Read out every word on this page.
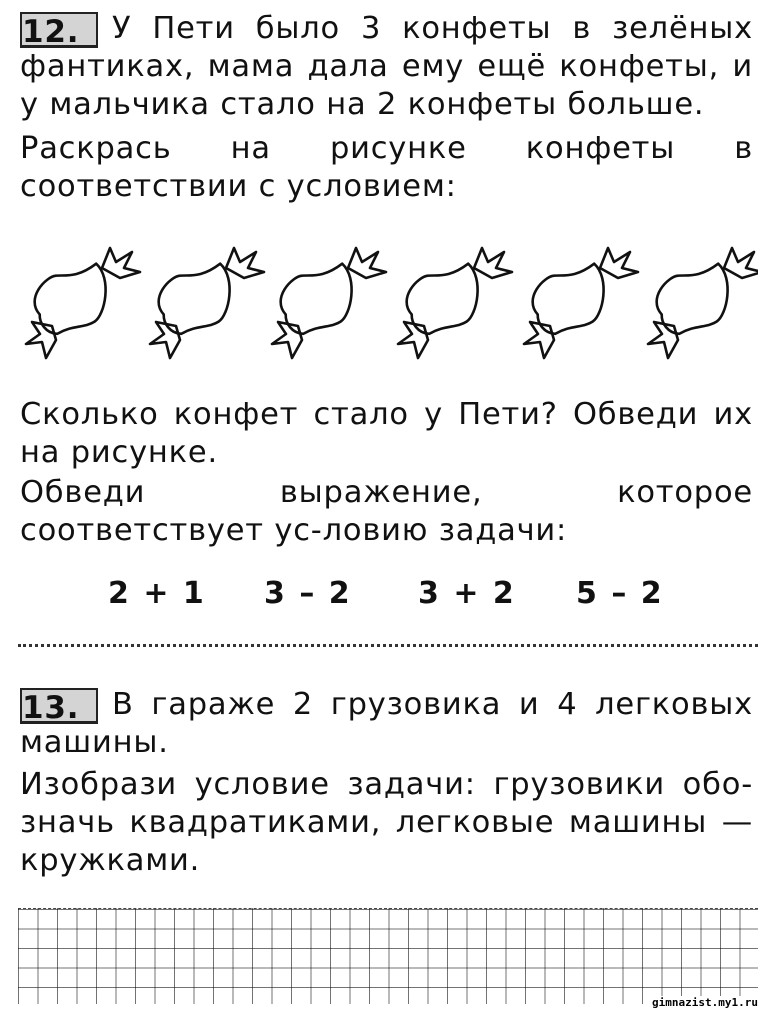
12. У Пети было 3 конфеты в зелёных фантиках, мама дала ему ещё конфеты, и у мальчика стало на 2 конфеты больше.
Раскрась на рисунке конфеты в соответствии с условием:
Сколько конфет стало у Пети? Обведи их на рисунке.
Обведи выражение, которое соответствует ус-ловию задачи:
2 + 1 3 – 2 3 + 2 5 – 2
13. В гараже 2 грузовика и 4 легковых машины.
Изобрази условие задачи: грузовики обо-значь квадратиками, легковые машины — кружками.
gimnazist.my1.ru
